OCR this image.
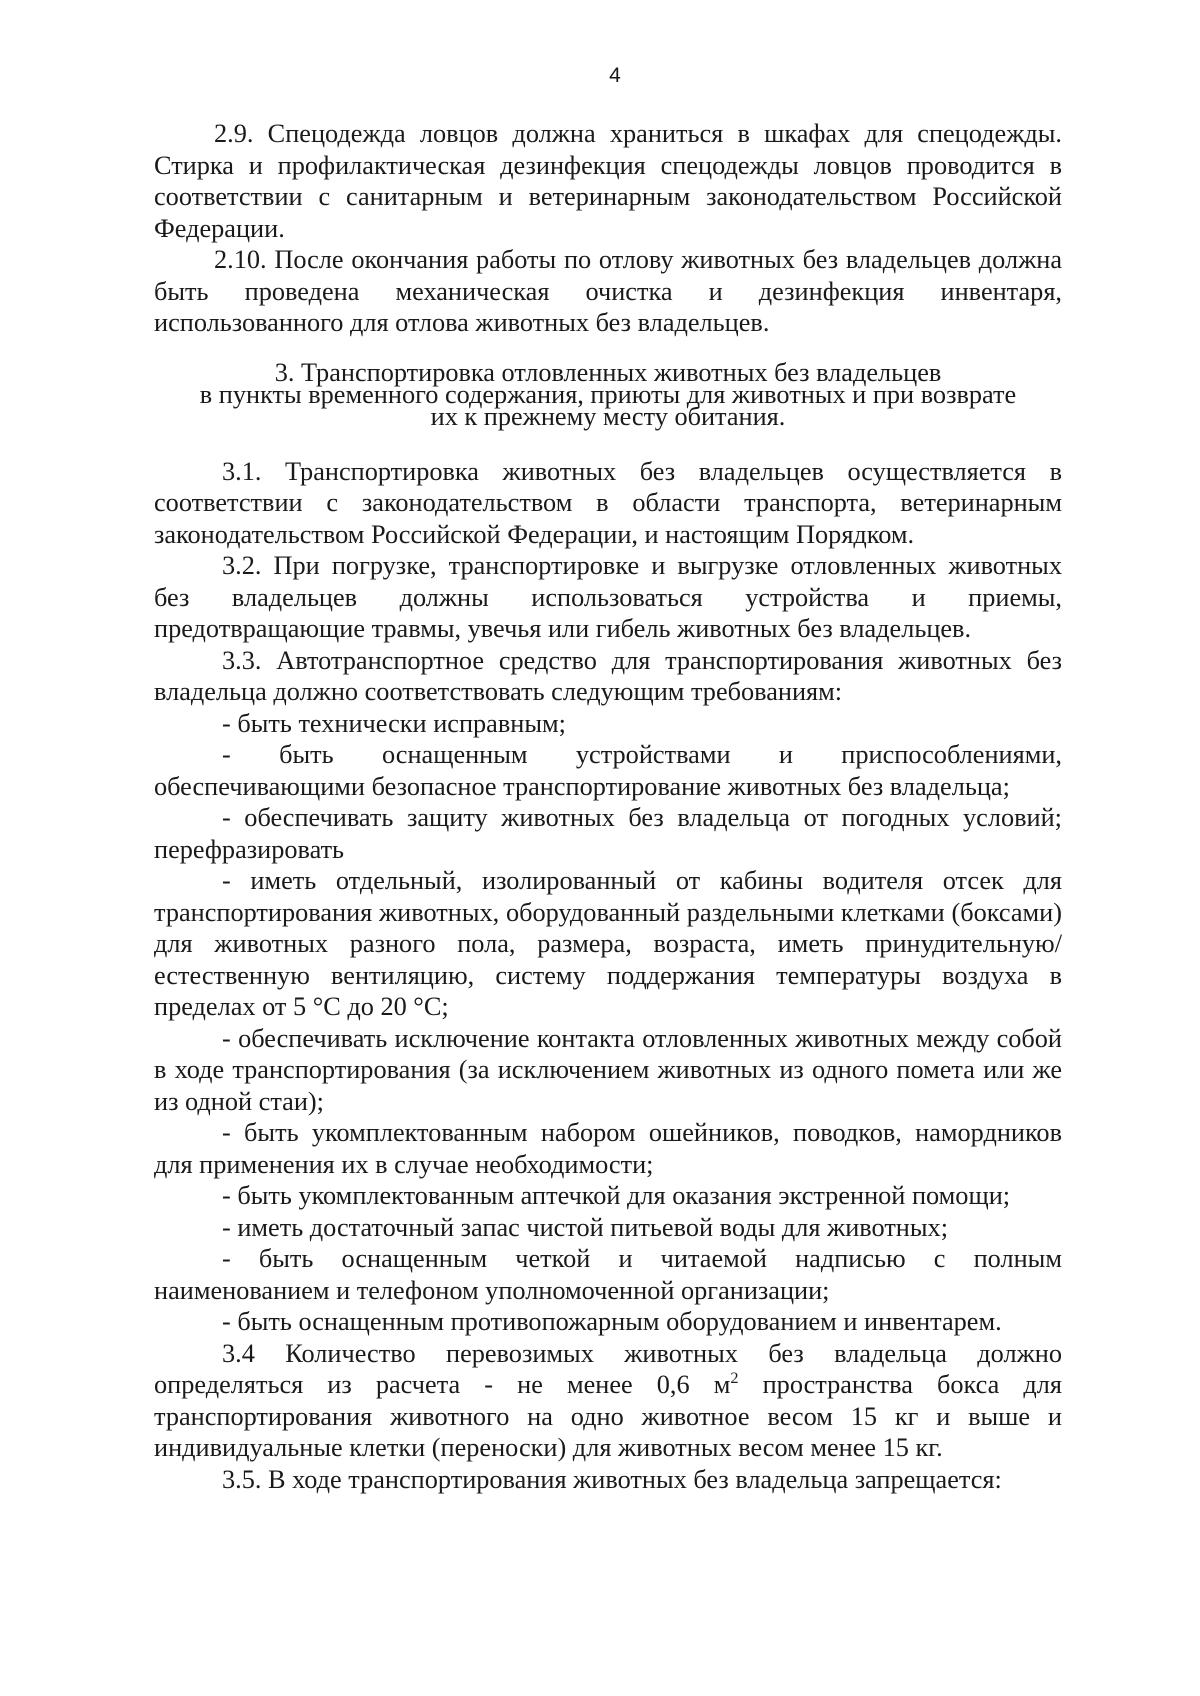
4

2.9. Спецодежда ловцов должна храниться в шкафах для спецодежды. Стирка и профилактическая дезинфекция спецодежды ловцов проводится в соответствии с санитарным и ветеринарным законодательством Российской Федерации.

2.10. После окончания работы по отлову животных без владельцев должна быть проведена механическая очистка и дезинфекция инвентаря, использованного для отлова животных без владельцев.

3. Транспортировка отловленных животных без владельцев
в пункты временного содержания, приюты для животных и при возврате
их к прежнему месту обитания.

3.1. Транспортировка животных без владельцев осуществляется в соответствии с законодательством в области транспорта, ветеринарным законодательством Российской Федерации, и настоящим Порядком.

3.2. При погрузке, транспортировке и выгрузке отловленных животных без владельцев должны использоваться устройства и приемы, предотвращающие травмы, увечья или гибель животных без владельцев.

3.3. Автотранспортное средство для транспортирования животных без владельца должно соответствовать следующим требованиям:

- быть технически исправным;

- быть оснащенным устройствами и приспособлениями, обеспечивающими безопасное транспортирование животных без владельца;

- обеспечивать защиту животных без владельца от погодных условий; перефразировать

- иметь отдельный, изолированный от кабины водителя отсек для транспортирования животных, оборудованный раздельными клетками (боксами) для животных разного пола, размера, возраста, иметь принудительную/естественную вентиляцию, систему поддержания температуры воздуха в пределах от 5 °С до 20 °С;

- обеспечивать исключение контакта отловленных животных между собой в ходе транспортирования (за исключением животных из одного помета или же из одной стаи);

- быть укомплектованным набором ошейников, поводков, намордников для применения их в случае необходимости;

- быть укомплектованным аптечкой для оказания экстренной помощи;

- иметь достаточный запас чистой питьевой воды для животных;

- быть оснащенным четкой и читаемой надписью с полным наименованием и телефоном уполномоченной организации;

- быть оснащенным противопожарным оборудованием и инвентарем.

3.4 Количество перевозимых животных без владельца должно определяться из расчета - не менее 0,6 $м^2$ пространства бокса для транспортирования животного на одно животное весом 15 кг и выше и индивидуальные клетки (переноски) для животных весом менее 15 кг.

3.5. В ходе транспортирования животных без владельца запрещается:
